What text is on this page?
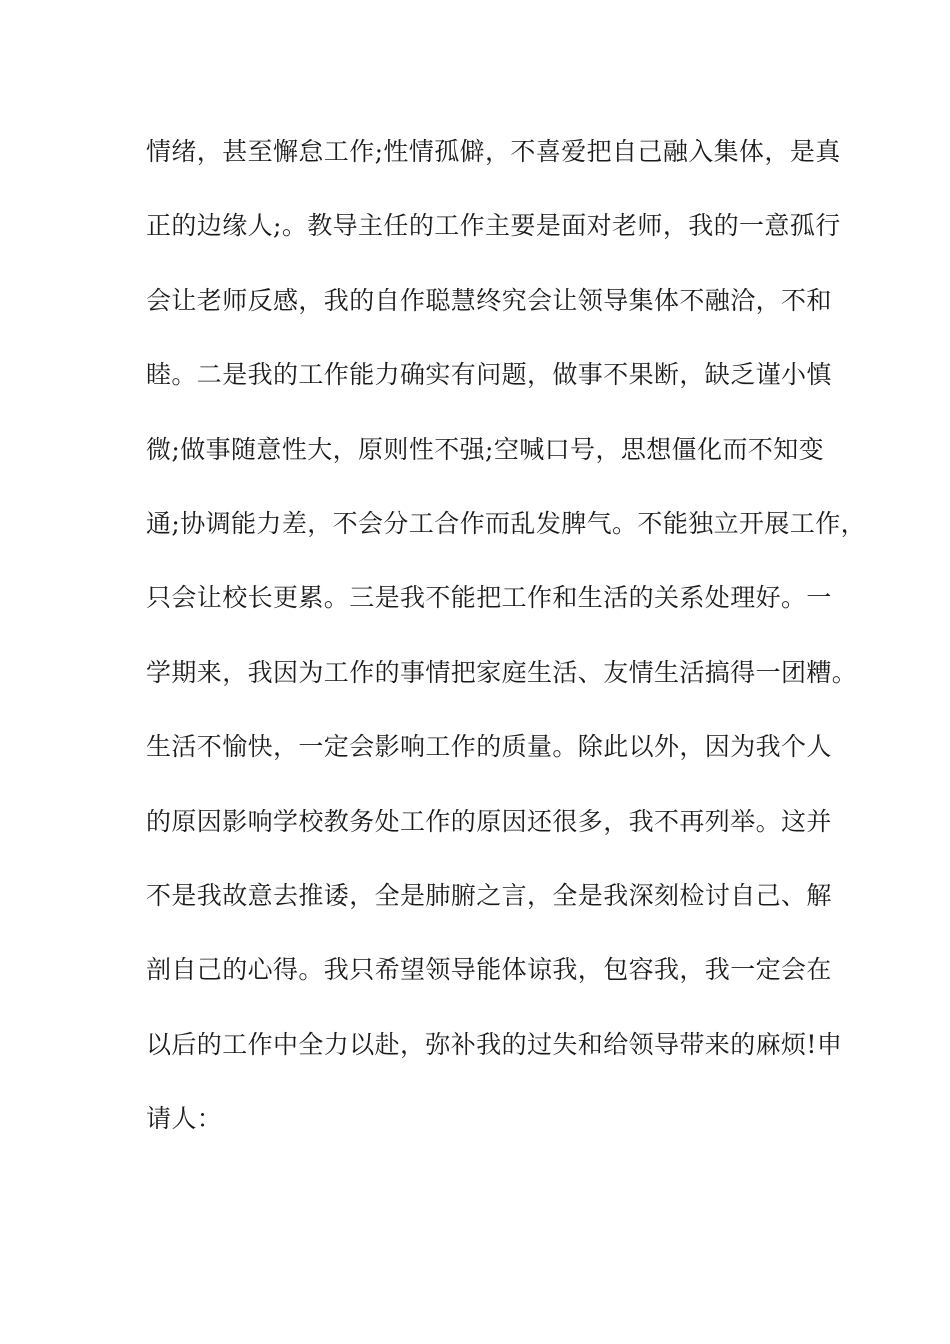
情绪，甚至懈怠工作;性情孤僻，不喜爱把自己融入集体，是真
正的边缘人;。教导主任的工作主要是面对老师，我的一意孤行
会让老师反感，我的自作聪慧终究会让领导集体不融洽，不和
睦。二是我的工作能力确实有问题，做事不果断，缺乏谨小慎
微;做事随意性大，原则性不强;空喊口号，思想僵化而不知变
通;协调能力差，不会分工合作而乱发脾气。不能独立开展工作，
只会让校长更累。三是我不能把工作和生活的关系处理好。一
学期来，我因为工作的事情把家庭生活、友情生活搞得一团糟。
生活不愉快，一定会影响工作的质量。除此以外，因为我个人
的原因影响学校教务处工作的原因还很多，我不再列举。这并
不是我故意去推诿，全是肺腑之言，全是我深刻检讨自己、解
剖自己的心得。我只希望领导能体谅我，包容我，我一定会在
以后的工作中全力以赴，弥补我的过失和给领导带来的麻烦!申
请人：
